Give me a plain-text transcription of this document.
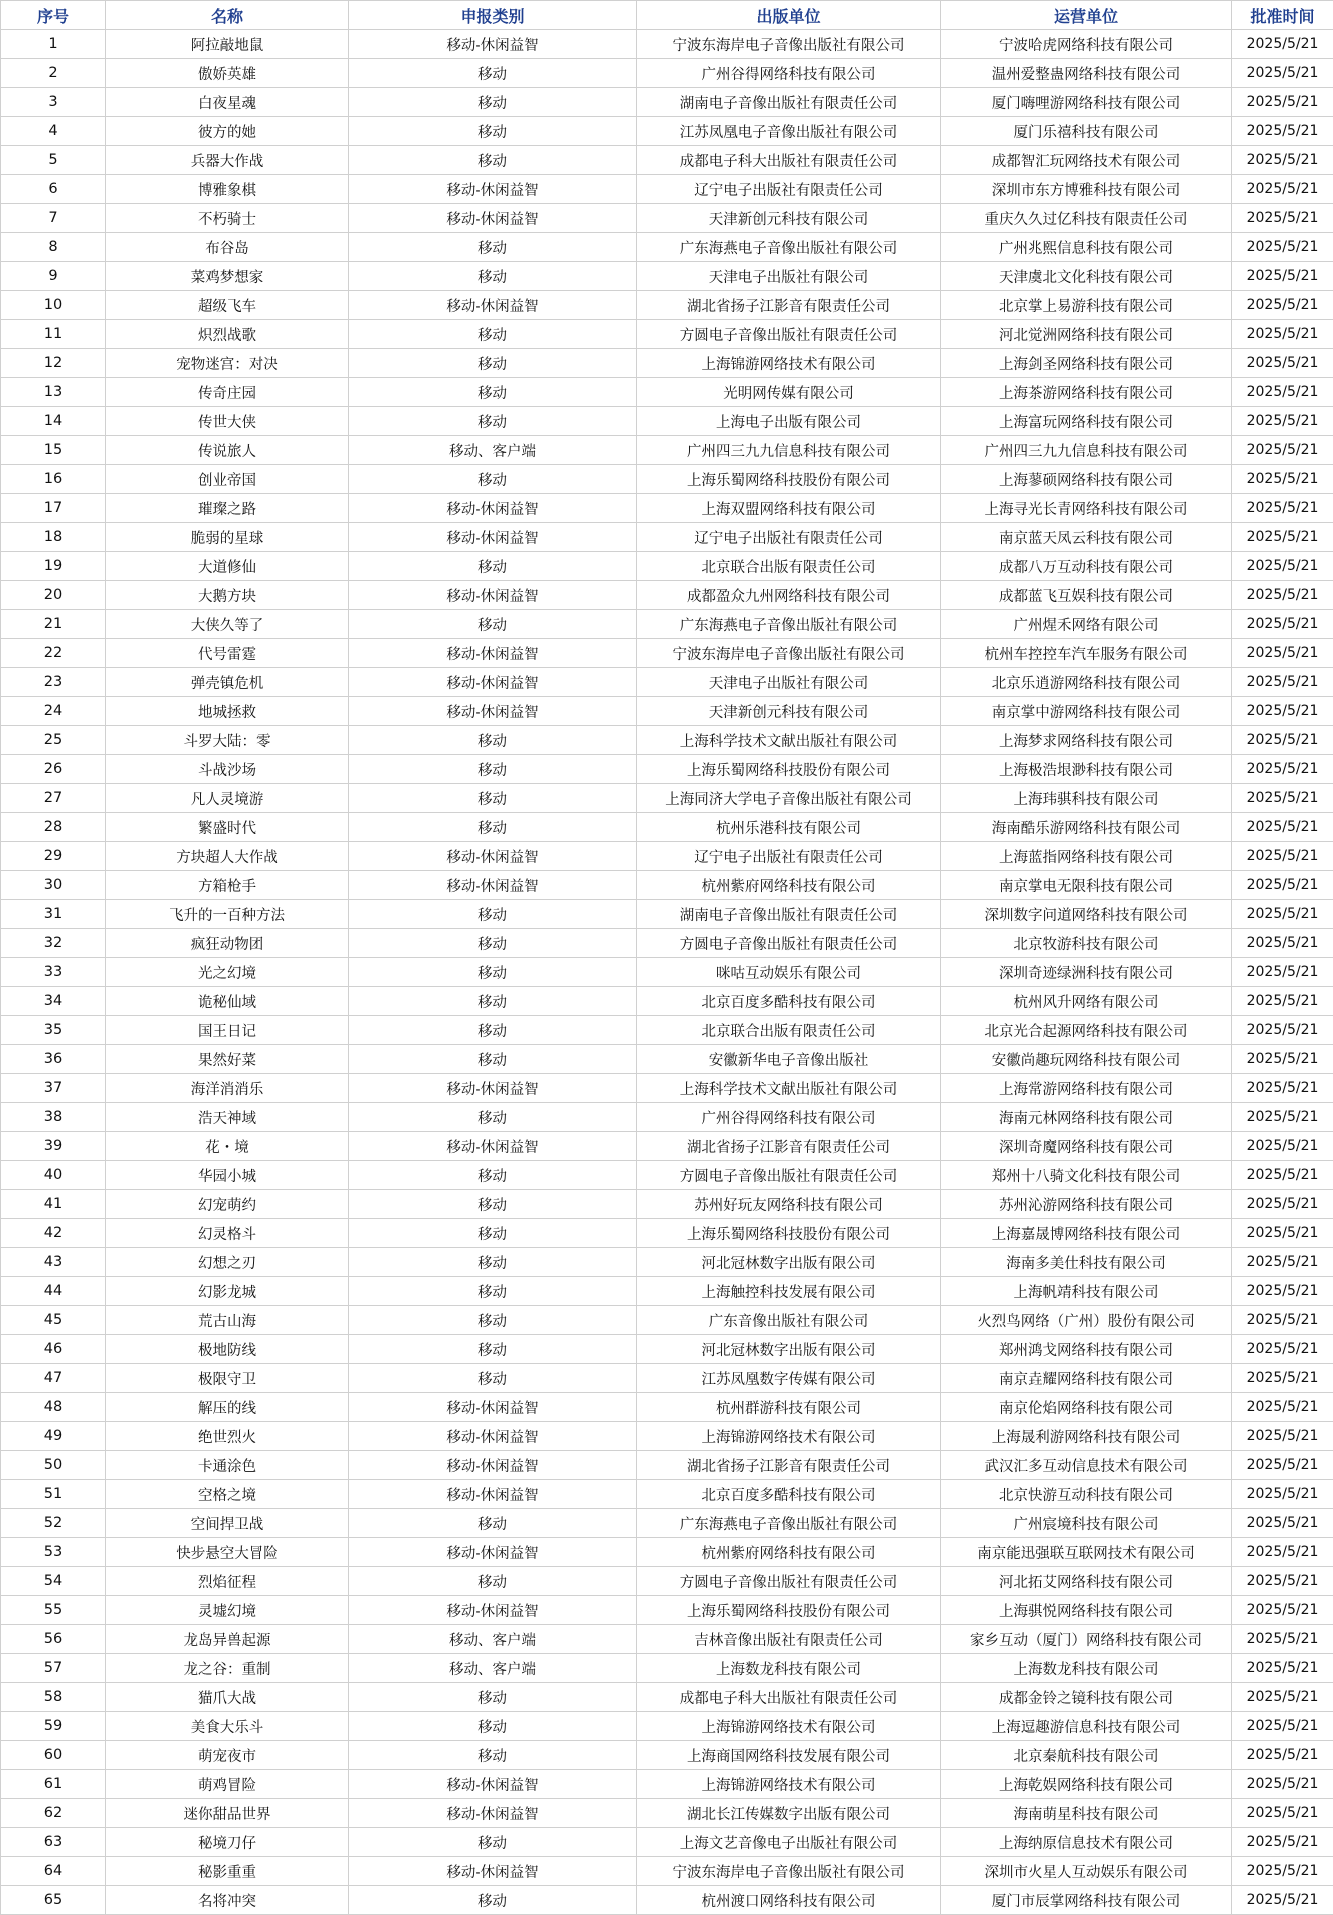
序号	名称	申报类别	出版单位	运营单位	批准时间
1	阿拉敲地鼠	移动-休闲益智	宁波东海岸电子音像出版社有限公司	宁波哈虎网络科技有限公司	2025/5/21
2	傲娇英雄	移动	广州谷得网络科技有限公司	温州爱整蛊网络科技有限公司	2025/5/21
3	白夜星魂	移动	湖南电子音像出版社有限责任公司	厦门嗨哩游网络科技有限公司	2025/5/21
4	彼方的她	移动	江苏凤凰电子音像出版社有限公司	厦门乐禧科技有限公司	2025/5/21
5	兵器大作战	移动	成都电子科大出版社有限责任公司	成都智汇玩网络技术有限公司	2025/5/21
6	博雅象棋	移动-休闲益智	辽宁电子出版社有限责任公司	深圳市东方博雅科技有限公司	2025/5/21
7	不朽骑士	移动-休闲益智	天津新创元科技有限公司	重庆久久过亿科技有限责任公司	2025/5/21
8	布谷岛	移动	广东海燕电子音像出版社有限公司	广州兆熙信息科技有限公司	2025/5/21
9	菜鸡梦想家	移动	天津电子出版社有限公司	天津虞北文化科技有限公司	2025/5/21
10	超级飞车	移动-休闲益智	湖北省扬子江影音有限责任公司	北京掌上易游科技有限公司	2025/5/21
11	炽烈战歌	移动	方圆电子音像出版社有限责任公司	河北觉洲网络科技有限公司	2025/5/21
12	宠物迷宫：对决	移动	上海锦游网络技术有限公司	上海剑圣网络科技有限公司	2025/5/21
13	传奇庄园	移动	光明网传媒有限公司	上海茶游网络科技有限公司	2025/5/21
14	传世大侠	移动	上海电子出版有限公司	上海富玩网络科技有限公司	2025/5/21
15	传说旅人	移动、客户端	广州四三九九信息科技有限公司	广州四三九九信息科技有限公司	2025/5/21
16	创业帝国	移动	上海乐蜀网络科技股份有限公司	上海蓼硕网络科技有限公司	2025/5/21
17	璀璨之路	移动-休闲益智	上海双盟网络科技有限公司	上海寻光长青网络科技有限公司	2025/5/21
18	脆弱的星球	移动-休闲益智	辽宁电子出版社有限责任公司	南京蓝天凤云科技有限公司	2025/5/21
19	大道修仙	移动	北京联合出版有限责任公司	成都八万互动科技有限公司	2025/5/21
20	大鹅方块	移动-休闲益智	成都盈众九州网络科技有限公司	成都蓝飞互娱科技有限公司	2025/5/21
21	大侠久等了	移动	广东海燕电子音像出版社有限公司	广州煋禾网络有限公司	2025/5/21
22	代号雷霆	移动-休闲益智	宁波东海岸电子音像出版社有限公司	杭州车控控车汽车服务有限公司	2025/5/21
23	弹壳镇危机	移动-休闲益智	天津电子出版社有限公司	北京乐逍游网络科技有限公司	2025/5/21
24	地城拯救	移动-休闲益智	天津新创元科技有限公司	南京掌中游网络科技有限公司	2025/5/21
25	斗罗大陆：零	移动	上海科学技术文献出版社有限公司	上海梦求网络科技有限公司	2025/5/21
26	斗战沙场	移动	上海乐蜀网络科技股份有限公司	上海极浩垠渺科技有限公司	2025/5/21
27	凡人灵境游	移动	上海同济大学电子音像出版社有限公司	上海玮骐科技有限公司	2025/5/21
28	繁盛时代	移动	杭州乐港科技有限公司	海南酷乐游网络科技有限公司	2025/5/21
29	方块超人大作战	移动-休闲益智	辽宁电子出版社有限责任公司	上海蓝指网络科技有限公司	2025/5/21
30	方箱枪手	移动-休闲益智	杭州紫府网络科技有限公司	南京掌电无限科技有限公司	2025/5/21
31	飞升的一百种方法	移动	湖南电子音像出版社有限责任公司	深圳数字问道网络科技有限公司	2025/5/21
32	疯狂动物团	移动	方圆电子音像出版社有限责任公司	北京牧游科技有限公司	2025/5/21
33	光之幻境	移动	咪咕互动娱乐有限公司	深圳奇迹绿洲科技有限公司	2025/5/21
34	诡秘仙域	移动	北京百度多酷科技有限公司	杭州风升网络有限公司	2025/5/21
35	国王日记	移动	北京联合出版有限责任公司	北京光合起源网络科技有限公司	2025/5/21
36	果然好菜	移动	安徽新华电子音像出版社	安徽尚趣玩网络科技有限公司	2025/5/21
37	海洋消消乐	移动-休闲益智	上海科学技术文献出版社有限公司	上海常游网络科技有限公司	2025/5/21
38	浩天神域	移动	广州谷得网络科技有限公司	海南元林网络科技有限公司	2025/5/21
39	花・境	移动-休闲益智	湖北省扬子江影音有限责任公司	深圳奇魔网络科技有限公司	2025/5/21
40	华园小城	移动	方圆电子音像出版社有限责任公司	郑州十八骑文化科技有限公司	2025/5/21
41	幻宠萌约	移动	苏州好玩友网络科技有限公司	苏州沁游网络科技有限公司	2025/5/21
42	幻灵格斗	移动	上海乐蜀网络科技股份有限公司	上海嘉晟博网络科技有限公司	2025/5/21
43	幻想之刃	移动	河北冠林数字出版有限公司	海南多美仕科技有限公司	2025/5/21
44	幻影龙城	移动	上海触控科技发展有限公司	上海帆靖科技有限公司	2025/5/21
45	荒古山海	移动	广东音像出版社有限公司	火烈鸟网络（广州）股份有限公司	2025/5/21
46	极地防线	移动	河北冠林数字出版有限公司	郑州鸿戈网络科技有限公司	2025/5/21
47	极限守卫	移动	江苏凤凰数字传媒有限公司	南京垚耀网络科技有限公司	2025/5/21
48	解压的线	移动-休闲益智	杭州群游科技有限公司	南京伦焰网络科技有限公司	2025/5/21
49	绝世烈火	移动-休闲益智	上海锦游网络技术有限公司	上海晟利游网络科技有限公司	2025/5/21
50	卡通涂色	移动-休闲益智	湖北省扬子江影音有限责任公司	武汉汇多互动信息技术有限公司	2025/5/21
51	空格之境	移动-休闲益智	北京百度多酷科技有限公司	北京快游互动科技有限公司	2025/5/21
52	空间捍卫战	移动	广东海燕电子音像出版社有限公司	广州宸境科技有限公司	2025/5/21
53	快步悬空大冒险	移动-休闲益智	杭州紫府网络科技有限公司	南京能迅强联互联网技术有限公司	2025/5/21
54	烈焰征程	移动	方圆电子音像出版社有限责任公司	河北拓艾网络科技有限公司	2025/5/21
55	灵墟幻境	移动-休闲益智	上海乐蜀网络科技股份有限公司	上海骐悦网络科技有限公司	2025/5/21
56	龙岛异兽起源	移动、客户端	吉林音像出版社有限责任公司	家乡互动（厦门）网络科技有限公司	2025/5/21
57	龙之谷：重制	移动、客户端	上海数龙科技有限公司	上海数龙科技有限公司	2025/5/21
58	猫爪大战	移动	成都电子科大出版社有限责任公司	成都金铃之镜科技有限公司	2025/5/21
59	美食大乐斗	移动	上海锦游网络技术有限公司	上海逗趣游信息科技有限公司	2025/5/21
60	萌宠夜市	移动	上海商国网络科技发展有限公司	北京秦航科技有限公司	2025/5/21
61	萌鸡冒险	移动-休闲益智	上海锦游网络技术有限公司	上海乾娱网络科技有限公司	2025/5/21
62	迷你甜品世界	移动-休闲益智	湖北长江传媒数字出版有限公司	海南萌星科技有限公司	2025/5/21
63	秘境刀仔	移动	上海文艺音像电子出版社有限公司	上海纳原信息技术有限公司	2025/5/21
64	秘影重重	移动-休闲益智	宁波东海岸电子音像出版社有限公司	深圳市火星人互动娱乐有限公司	2025/5/21
65	名将冲突	移动	杭州渡口网络科技有限公司	厦门市辰掌网络科技有限公司	2025/5/21
